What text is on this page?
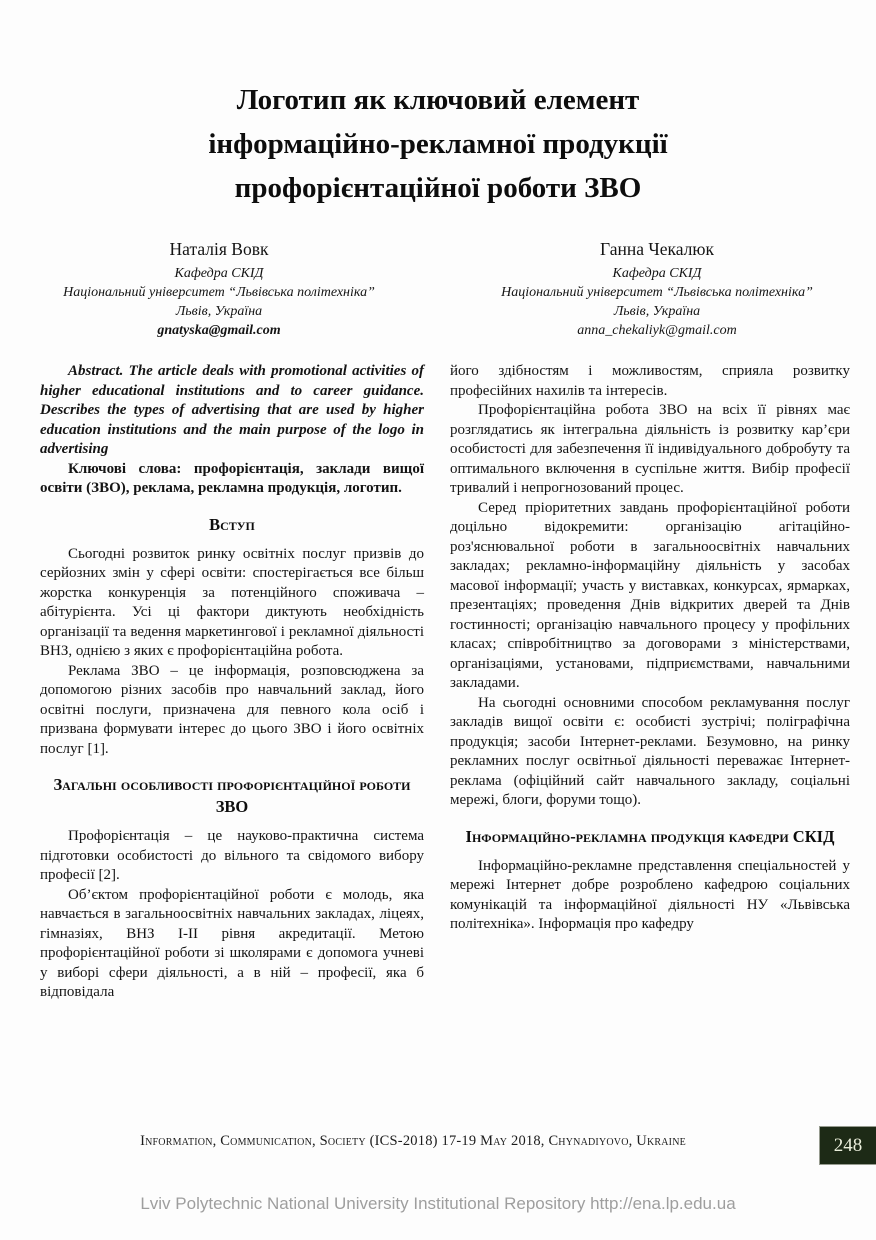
Логотип як ключовий елемент
інформаційно-рекламної продукції
профорієнтаційної роботи ЗВО
Наталія Вовк
Кафедра СКІД
Національний університет “Львівська політехніка”
Львів, Україна
gnatyska@gmail.com
Ганна Чекалюк
Кафедра СКІД
Національний університет “Львівська політехніка”
Львів, Україна
anna_chekaliyk@gmail.com

Abstract. The article deals with promotional activities of higher educational institutions and to career guidance. Describes the types of advertising that are used by higher education institutions and the main purpose of the logo in advertising

Ключові слова: профорієнтація, заклади вищої освіти (ЗВО), реклама, рекламна продукція, логотип.

Вступ

Сьогодні розвиток ринку освітніх послуг призвів до серйозних змін у сфері освіти: спостерігається все більш жорстка конкуренція за потенційного споживача – абітурієнта. Усі ці фактори диктують необхідність організації та ведення маркетингової і рекламної діяльності ВНЗ, однією з яких є профорієнтаційна робота.

Реклама ЗВО – це інформація, розповсюджена за допомогою різних засобів про навчальний заклад, його освітні послуги, призначена для певного кола осіб і призвана формувати інтерес до цього ЗВО і його освітніх послуг [1].

Загальні особливості профорієнтаційної роботи ЗВО

Профорієнтація – це науково-практична система підготовки особистості до вільного та свідомого вибору професії [2].

Об’єктом профорієнтаційної роботи є молодь, яка навчається в загальноосвітніх навчальних закладах, ліцеях, гімназіях, ВНЗ І-ІІ рівня акредитації. Метою профорієнтаційної роботи зі школярами є допомога учневі у виборі сфери діяльності, а в ній – професії, яка б відповідала

його здібностям і можливостям, сприяла розвитку професійних нахилів та інтересів.

Профорієнтаційна робота ЗВО на всіх її рівнях має розглядатись як інтегральна діяльність із розвитку кар’єри особистості для забезпечення її індивідуального добробуту та оптимального включення в суспільне життя. Вибір професії тривалий і непрогнозований процес.

Серед пріоритетних завдань профорієнтаційної роботи доцільно відокремити: організацію агітаційно-роз'яснювальної роботи в загальноосвітніх навчальних закладах; рекламно-інформаційну діяльність у засобах масової інформації; участь у виставках, конкурсах, ярмарках, презентаціях; проведення Днів відкритих дверей та Днів гостинності; організацію навчального процесу у профільних класах; співробітництво за договорами з міністерствами, організаціями, установами, підприємствами, навчальними закладами.

На сьогодні основними способом рекламування послуг закладів вищої освіти є: особисті зустрічі; поліграфічна продукція; засоби Інтернет-реклами. Безумовно, на ринку рекламних послуг освітньої діяльності переважає Інтернет-реклама (офіційний сайт навчального закладу, соціальні мережі, блоги, форуми тощо).

Інформаційно-рекламна продукція кафедри СКІД

Інформаційно-рекламне представлення спеціальностей у мережі Інтернет добре розроблено кафедрою соціальних комунікацій та інформаційної діяльності НУ «Львівська політехніка». Інформація про кафедру

Information, Communication, Society (ICS-2018) 17-19 May 2018, Chynadiyovo, Ukraine	248
Lviv Polytechnic National University Institutional Repository http://ena.lp.edu.ua
